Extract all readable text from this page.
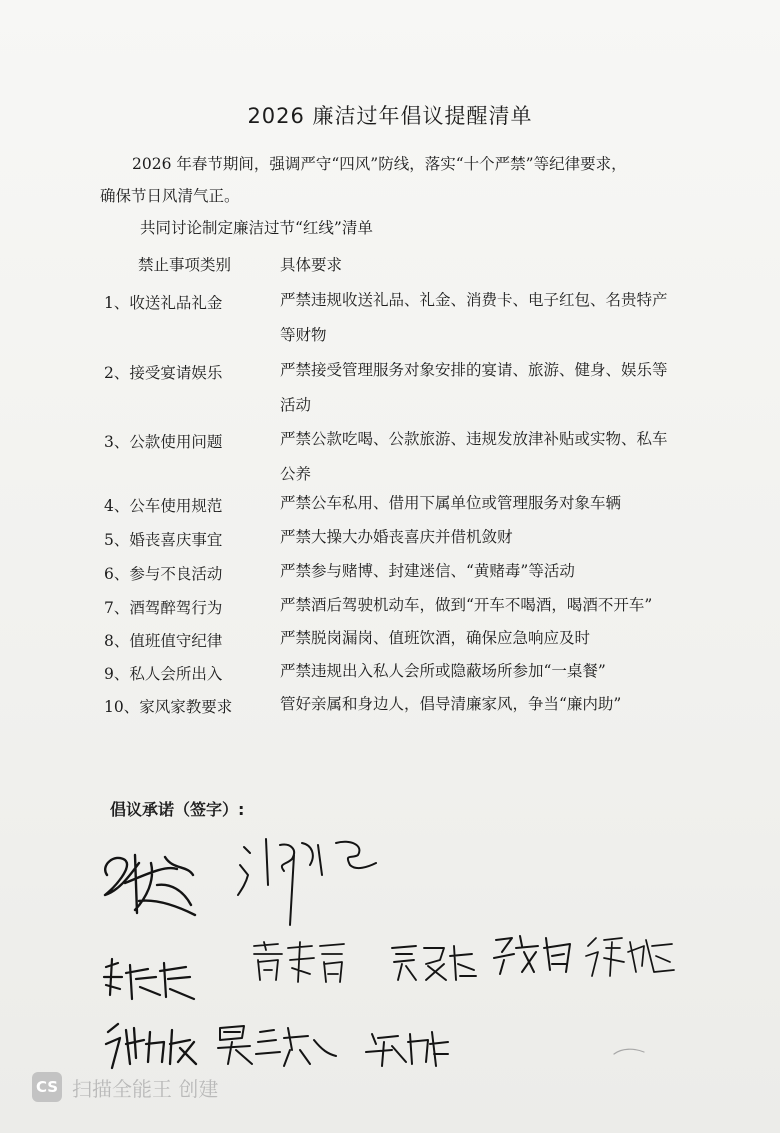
2026 廉洁过年倡议提醒清单
2026 年春节期间，强调严守“四风”防线，落实“十个严禁”等纪律要求，
确保节日风清气正。
共同讨论制定廉洁过节“红线”清单
禁止事项类别	具体要求
1、收送礼品礼金	严禁违规收送礼品、礼金、消费卡、电子红包、名贵特产等财物
2、接受宴请娱乐	严禁接受管理服务对象安排的宴请、旅游、健身、娱乐等活动
3、公款使用问题	严禁公款吃喝、公款旅游、违规发放津补贴或实物、私车公养
4、公车使用规范	严禁公车私用、借用下属单位或管理服务对象车辆
5、婚丧喜庆事宜	严禁大操大办婚丧喜庆并借机敛财
6、参与不良活动	严禁参与赌博、封建迷信、“黄赌毒”等活动
7、酒驾醉驾行为	严禁酒后驾驶机动车，做到“开车不喝酒，喝酒不开车”
8、值班值守纪律	严禁脱岗漏岗、值班饮酒，确保应急响应及时
9、私人会所出入	严禁违规出入私人会所或隐蔽场所参加“一桌餐”
10、家风家教要求	管好亲属和身边人，倡导清廉家风，争当“廉内助”
倡议承诺（签字）:
CS 扫描全能王 创建
